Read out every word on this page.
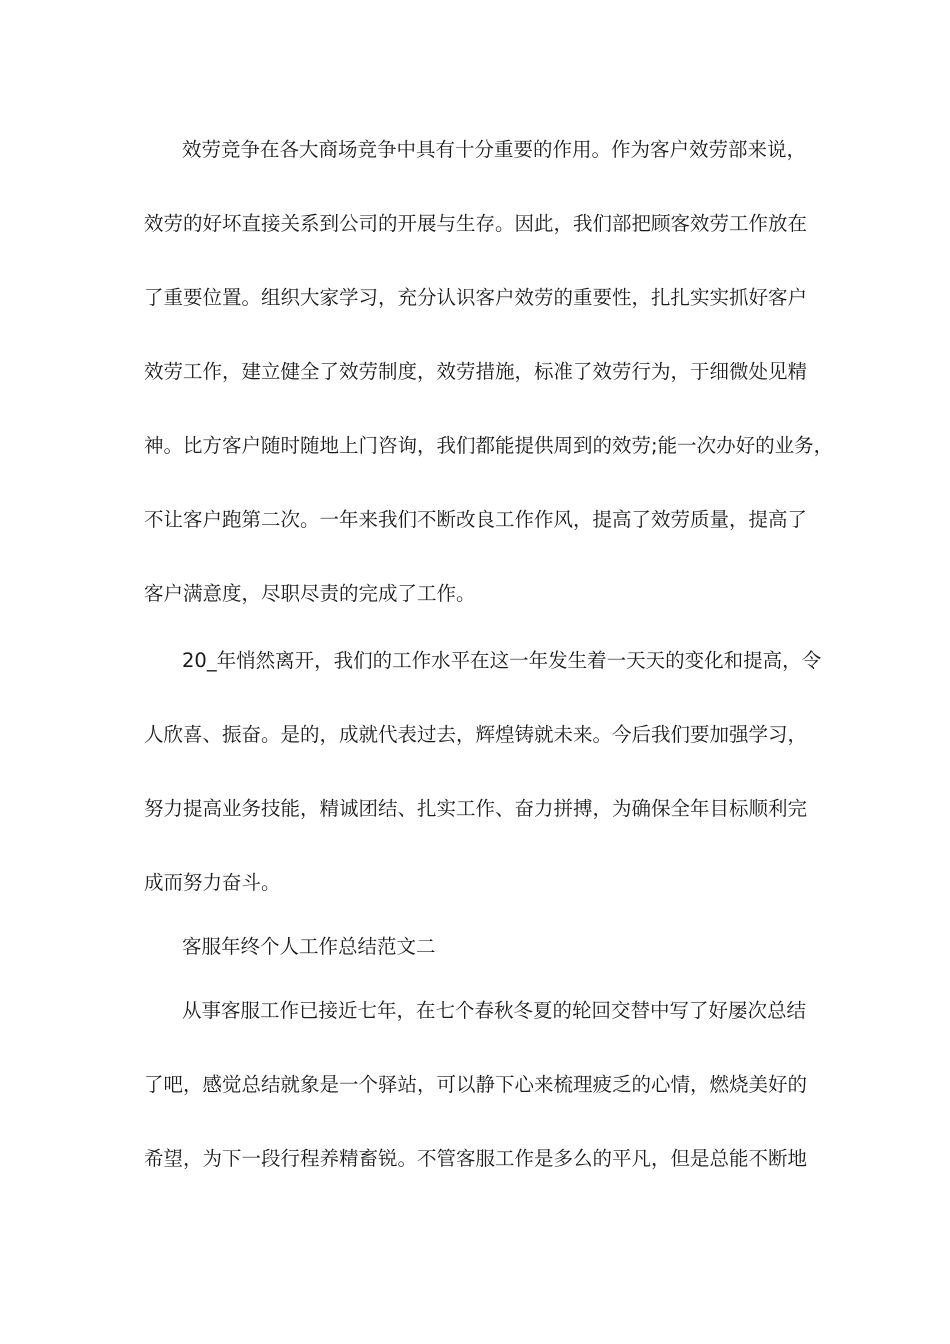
效劳竞争在各大商场竞争中具有十分重要的作用。作为客户效劳部来说，
效劳的好坏直接关系到公司的开展与生存。因此，我们部把顾客效劳工作放在
了重要位置。组织大家学习，充分认识客户效劳的重要性，扎扎实实抓好客户
效劳工作，建立健全了效劳制度，效劳措施，标准了效劳行为，于细微处见精
神。比方客户随时随地上门咨询，我们都能提供周到的效劳;能一次办好的业务，
不让客户跑第二次。一年来我们不断改良工作作风，提高了效劳质量，提高了
客户满意度，尽职尽责的完成了工作。
20_年悄然离开，我们的工作水平在这一年发生着一天天的变化和提高，令
人欣喜、振奋。是的，成就代表过去，辉煌铸就未来。今后我们要加强学习，
努力提高业务技能，精诚团结、扎实工作、奋力拼搏，为确保全年目标顺利完
成而努力奋斗。
客服年终个人工作总结范文二
从事客服工作已接近七年，在七个春秋冬夏的轮回交替中写了好屡次总结
了吧，感觉总结就象是一个驿站，可以静下心来梳理疲乏的心情，燃烧美好的
希望，为下一段行程养精畜锐。不管客服工作是多么的平凡，但是总能不断地
